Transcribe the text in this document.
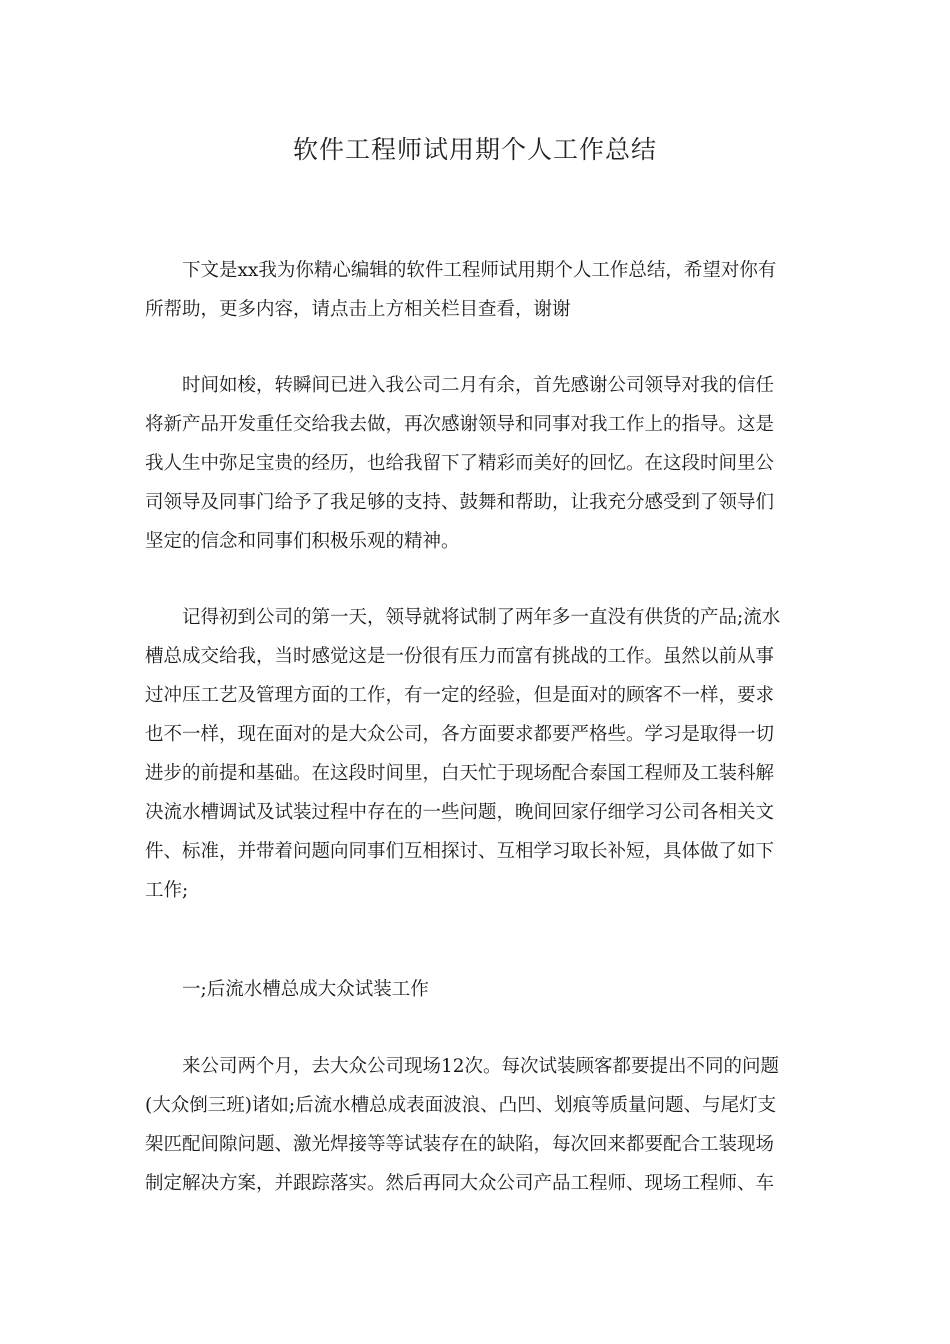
软件工程师试用期个人工作总结
下文是xx我为你精心编辑的软件工程师试用期个人工作总结，希望对你有
所帮助，更多内容，请点击上方相关栏目查看，谢谢
时间如梭，转瞬间已进入我公司二月有余，首先感谢公司领导对我的信任
将新产品开发重任交给我去做，再次感谢领导和同事对我工作上的指导。这是
我人生中弥足宝贵的经历，也给我留下了精彩而美好的回忆。在这段时间里公
司领导及同事门给予了我足够的支持、鼓舞和帮助，让我充分感受到了领导们
坚定的信念和同事们积极乐观的精神。
记得初到公司的第一天，领导就将试制了两年多一直没有供货的产品;流水
槽总成交给我，当时感觉这是一份很有压力而富有挑战的工作。虽然以前从事
过冲压工艺及管理方面的工作，有一定的经验，但是面对的顾客不一样，要求
也不一样，现在面对的是大众公司，各方面要求都要严格些。学习是取得一切
进步的前提和基础。在这段时间里，白天忙于现场配合泰国工程师及工装科解
决流水槽调试及试装过程中存在的一些问题，晚间回家仔细学习公司各相关文
件、标准，并带着问题向同事们互相探讨、互相学习取长补短，具体做了如下
工作;
一;后流水槽总成大众试装工作
来公司两个月，去大众公司现场12次。每次试装顾客都要提出不同的问题
(大众倒三班)诸如;后流水槽总成表面波浪、凸凹、划痕等质量问题、与尾灯支
架匹配间隙问题、激光焊接等等试装存在的缺陷，每次回来都要配合工装现场
制定解决方案，并跟踪落实。然后再同大众公司产品工程师、现场工程师、车
